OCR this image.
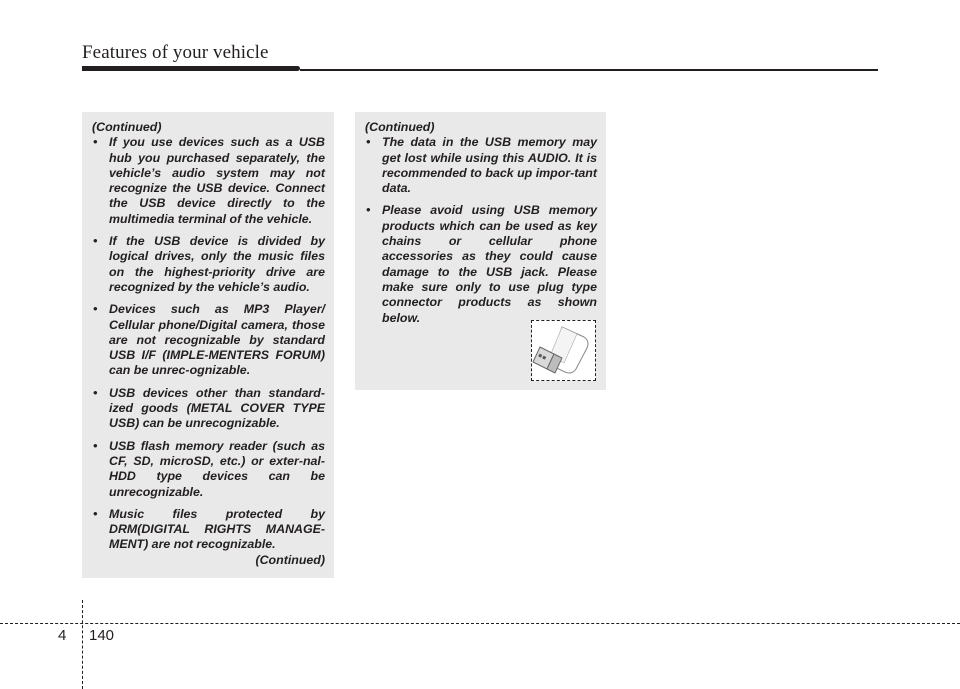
Features of your vehicle

(Continued)

• If you use devices such as a USB hub you purchased separately, the vehicle’s audio system may not recognize the USB device. Connect the USB device directly to the multimedia terminal of the vehicle.
• If the USB device is divided by logical drives, only the music files on the highest-priority drive are recognized by the vehicle’s audio.
• Devices such as MP3 Player/ Cellular phone/Digital camera, those are not recognizable by standard USB I/F (IMPLE-MENTERS FORUM) can be unrec-ognizable.
• USB devices other than standard-ized goods (METAL COVER TYPE USB) can be unrecognizable.
• USB flash memory reader (such as CF, SD, microSD, etc.) or exter-nal-HDD type devices can be unrecognizable.
• Music files protected by DRM(DIGITAL RIGHTS MANAGE-MENT) are not recognizable.

(Continued)

(Continued)

• The data in the USB memory may get lost while using this AUDIO. It is recommended to back up impor-tant data.
• Please avoid using USB memory products which can be used as key chains or cellular phone accessories as they could cause damage to the USB jack. Please make sure only to use plug type connector products as shown below.
4 140
